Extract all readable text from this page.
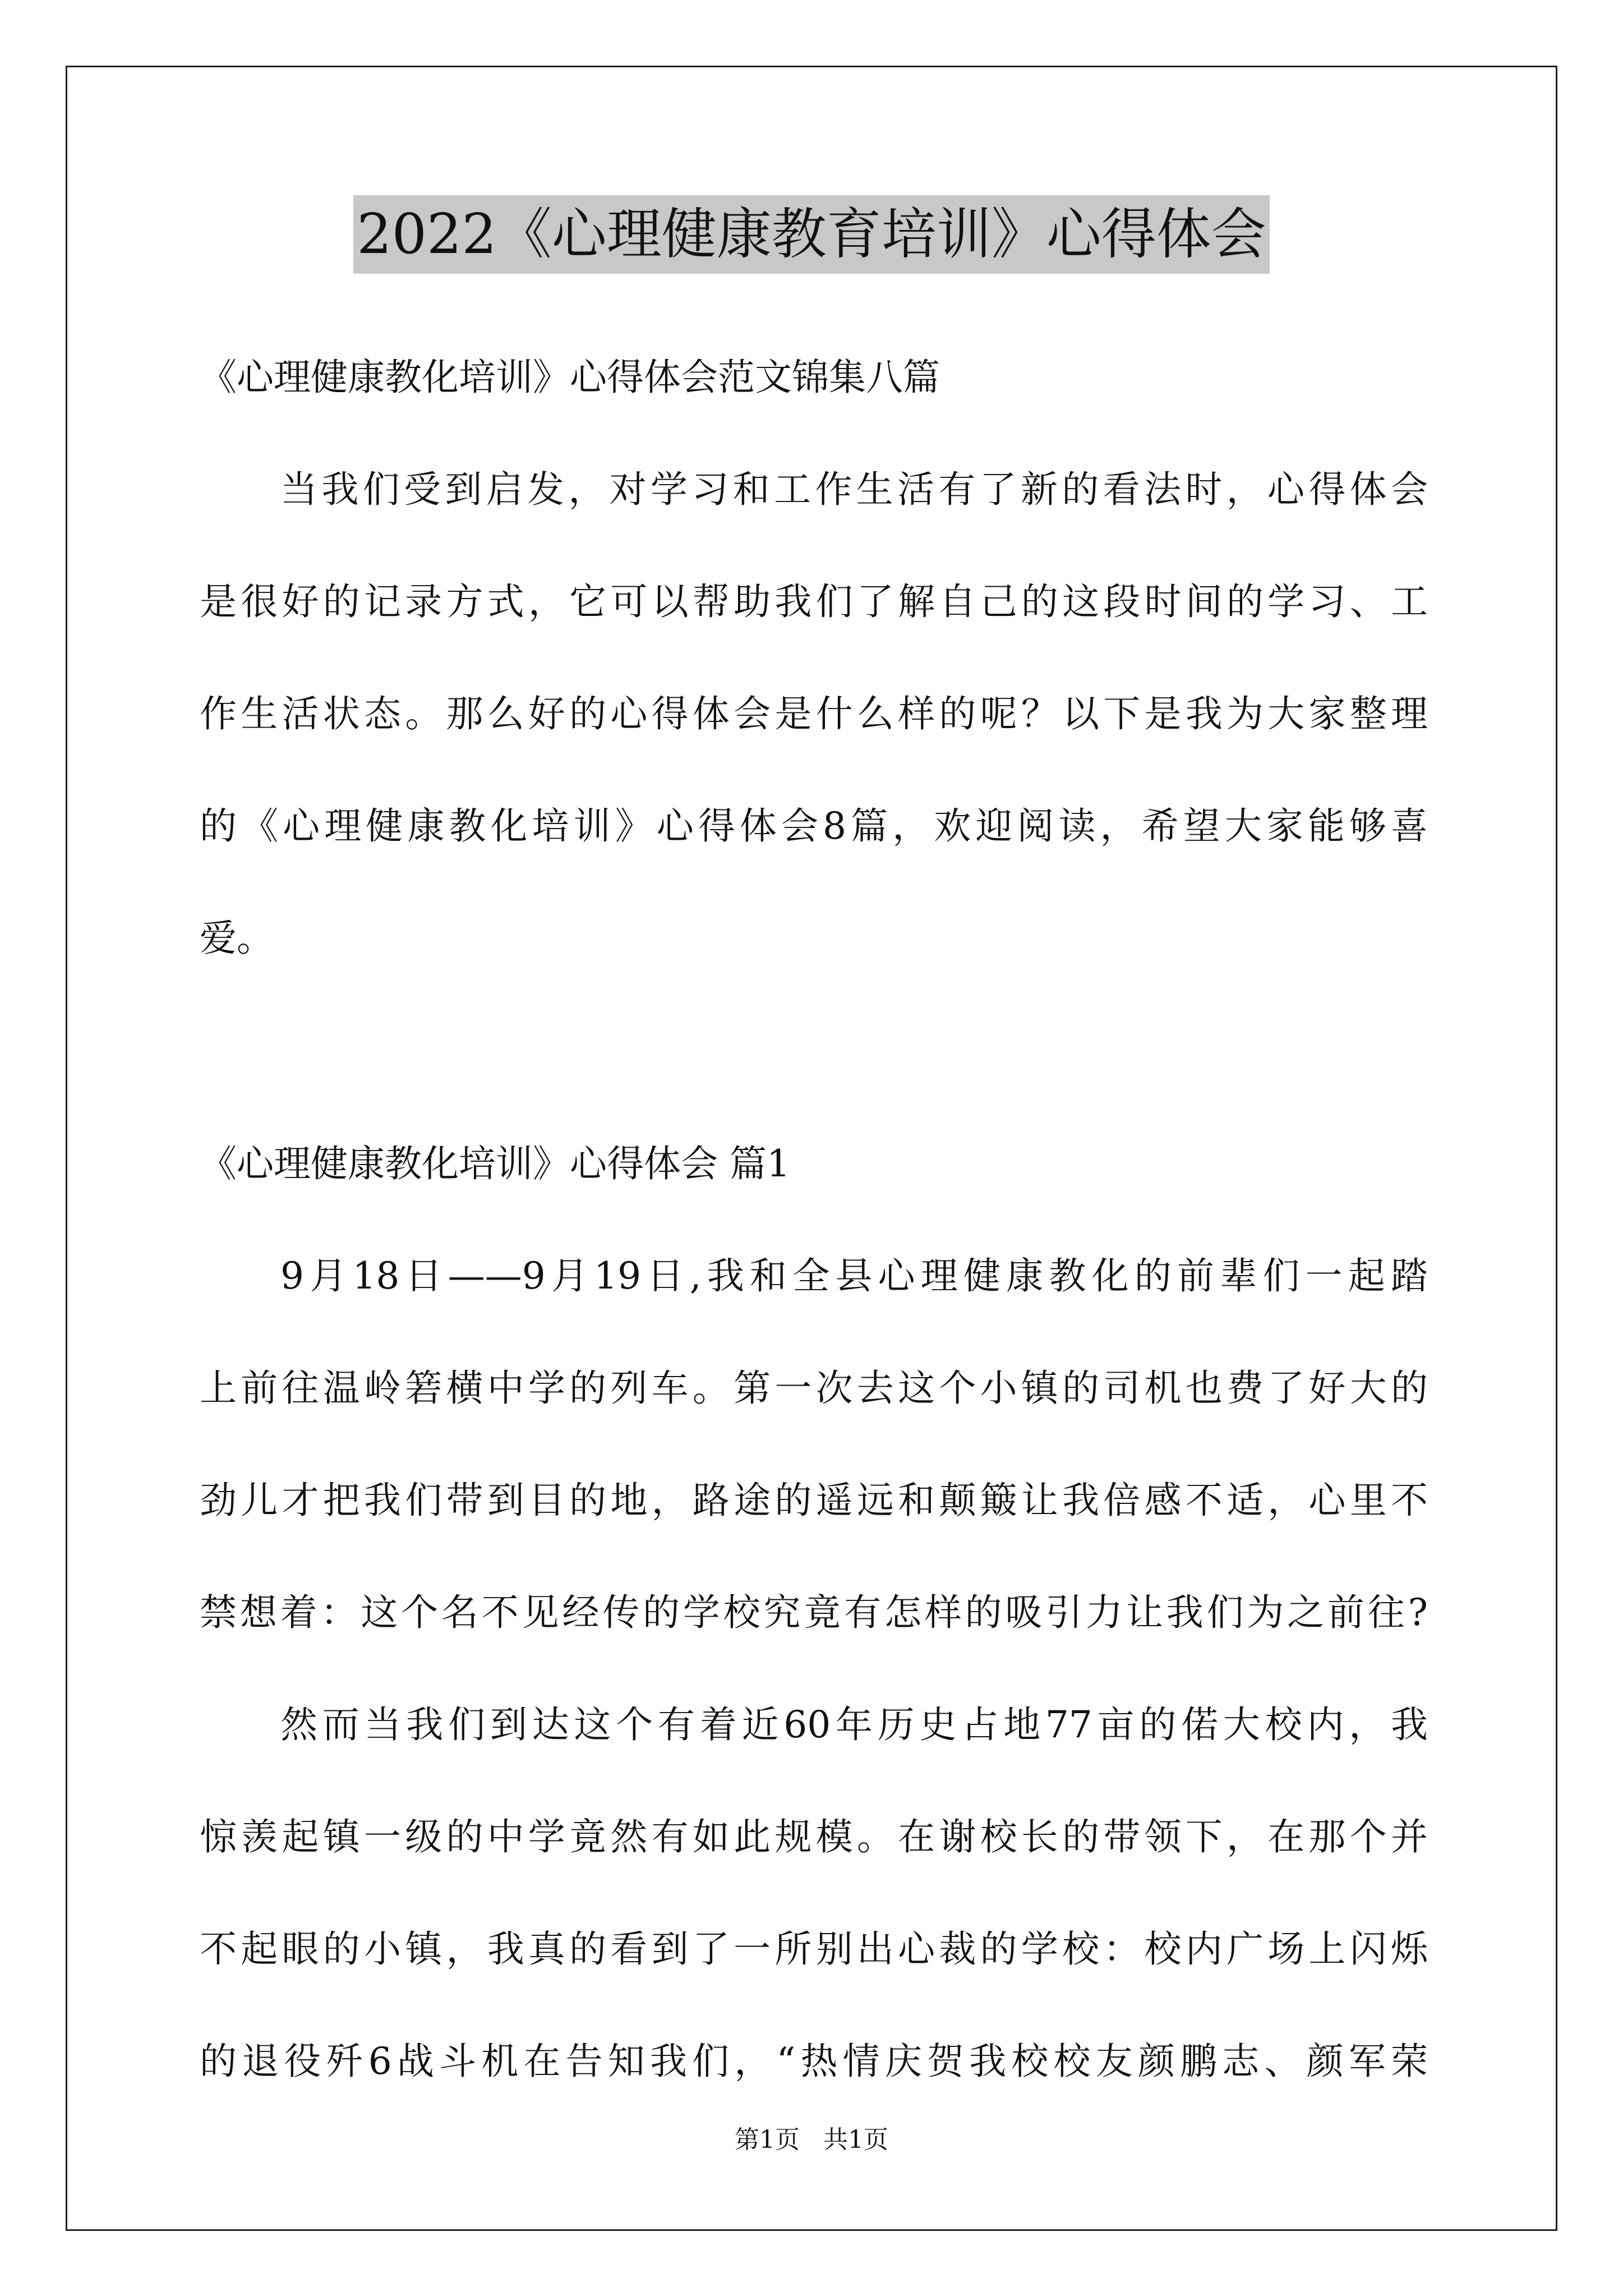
2022《心理健康教育培训》心得体会
《心理健康教化培训》心得体会范文锦集八篇
当我们受到启发，对学习和工作生活有了新的看法时，心得体会
是很好的记录方式，它可以帮助我们了解自己的这段时间的学习、工
作生活状态。那么好的心得体会是什么样的呢？以下是我为大家整理
的《心理健康教化培训》心得体会8篇，欢迎阅读，希望大家能够喜
爱。
《心理健康教化培训》心得体会 篇1
9月18日——9月19日,我和全县心理健康教化的前辈们一起踏
上前往温岭箬横中学的列车。第一次去这个小镇的司机也费了好大的
劲儿才把我们带到目的地，路途的遥远和颠簸让我倍感不适，心里不
禁想着：这个名不见经传的学校究竟有怎样的吸引力让我们为之前往?
然而当我们到达这个有着近60年历史占地77亩的偌大校内，我
惊羡起镇一级的中学竟然有如此规模。在谢校长的带领下，在那个并
不起眼的小镇，我真的看到了一所别出心裁的学校：校内广场上闪烁
的退役歼6战斗机在告知我们，“热情庆贺我校校友颜鹏志、颜军荣
第1页   共1页
